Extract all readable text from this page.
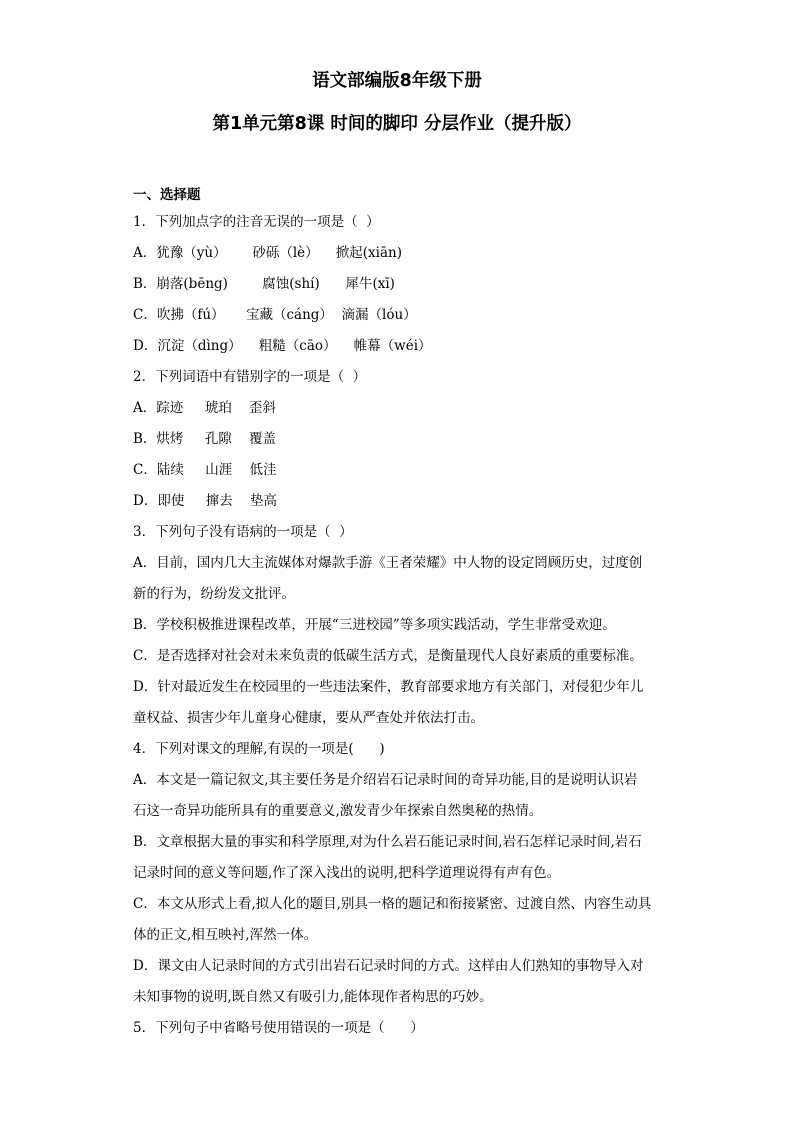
语文部编版8年级下册
第1单元第8课 时间的脚印 分层作业（提升版）
一、选择题

1．下列加点字的注音无误的一项是（  ）

A．犹豫（yù）      砂砾（lè）    掀起(xiān)

B．崩落(bēng)        腐蚀(shí)      犀牛(xī)

C．吹拂（fú）     宝藏（cáng）  滴漏（lóu）

D．沉淀（dìng）    粗糙（cāo）    帷幕（wéi）

2．下列词语中有错别字的一项是（  ）

A．踪迹     琥珀    歪斜

B．烘烤     孔隙    覆盖

C．陆续     山涯    低洼

D．即使     撺去    垫高

3．下列句子没有语病的一项是（  ）

A．目前，国内几大主流媒体对爆款手游《王者荣耀》中人物的设定罔顾历史，过度创

新的行为，纷纷发文批评。

B．学校积极推进课程改革，开展“三进校园”等多项实践活动，学生非常受欢迎。

C．是否选择对社会对未来负责的低碳生活方式，是衡量现代人良好素质的重要标准。

D．针对最近发生在校园里的一些违法案件，教育部要求地方有关部门，对侵犯少年儿

童权益、损害少年儿童身心健康，要从严查处并依法打击。

4．下列对课文的理解,有误的一项是(      )

A．本文是一篇记叙文,其主要任务是介绍岩石记录时间的奇异功能,目的是说明认识岩

石这一奇异功能所具有的重要意义,激发青少年探索自然奥秘的热情。

B．文章根据大量的事实和科学原理,对为什么岩石能记录时间,岩石怎样记录时间,岩石

记录时间的意义等问题,作了深入浅出的说明,把科学道理说得有声有色。

C．本文从形式上看,拟人化的题目,别具一格的题记和衔接紧密、过渡自然、内容生动具

体的正文,相互映衬,浑然一体。

D．课文由人记录时间的方式引出岩石记录时间的方式。这样由人们熟知的事物导入对

未知事物的说明,既自然又有吸引力,能体现作者构思的巧妙。

5．下列句子中省略号使用错误的一项是（      ）
